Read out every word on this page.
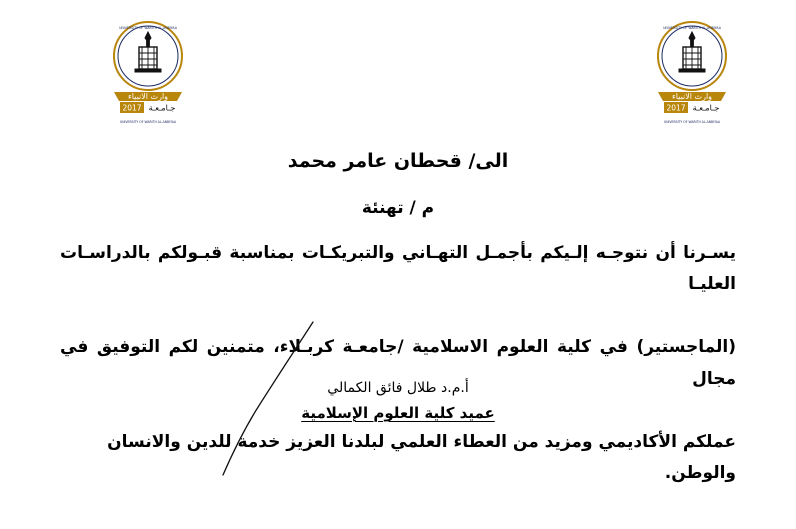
UNIVERSITY OF WARITH AL-ANBIYAA
وارث الانبياء
2017 جـامـعـة
UNIVERSITY OF WARITH AL-ANBIYAA
UNIVERSITY OF WARITH AL-ANBIYAA
وارث الانبياء
2017 جـامـعـة
UNIVERSITY OF WARITH AL-ANBIYAA

الى/ قحطان عامر محمد

م / تهنئة

يسـرنا أن نتوجـه إلـيكم بأجمـل التهـاني والتبريكـات بمناسبة قبـولكم بالدراسـات العليـا
(الماجستير) في كلية العلوم الاسلامية /جامعـة كربـلاء، متمنين لكم التوفيق في مجال
عملكم الأكاديمي ومزيد من العطاء العلمي لبلدنا العزيز خدمة للدين والانسان والوطن.

أ.م.د طلال فائق الكمالي

عميد كلية العلوم الإسلامية
